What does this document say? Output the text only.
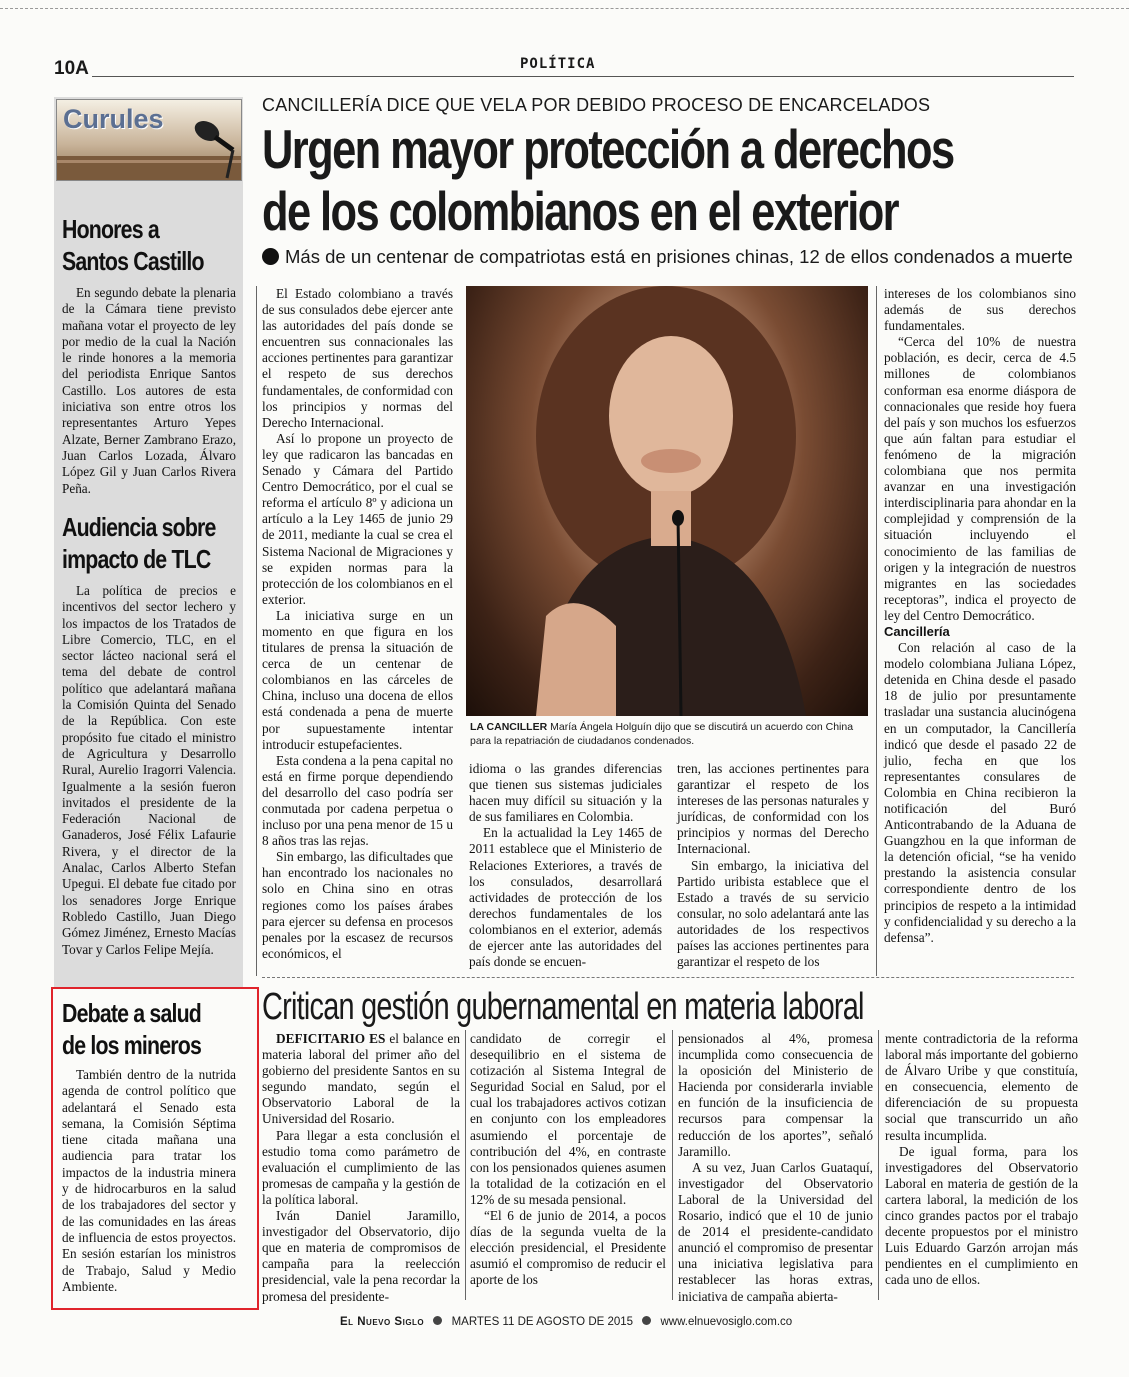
10A	POLÍTICA
Curules
Honores a
Santos Castillo

En segundo debate la plenaria de la Cámara tiene previsto mañana votar el proyecto de ley por medio de la cual la Nación le rinde honores a la memoria del periodista Enrique Santos Castillo. Los autores de esta iniciativa son entre otros los representantes Arturo Yepes Alzate, Berner Zambrano Erazo, Juan Carlos Lozada, Álvaro López Gil y Juan Carlos Rivera Peña.

Audiencia sobre
impacto de TLC

La política de precios e incentivos del sector lechero y los impactos de los Tratados de Libre Comercio, TLC, en el sector lácteo nacional será el tema del debate de control político que adelantará mañana la Comisión Quinta del Senado de la República. Con este propósito fue citado el ministro de Agricultura y Desarrollo Rural, Aurelio Iragorri Valencia. Igualmente a la sesión fueron invitados el presidente de la Federación Nacional de Ganaderos, José Félix Lafaurie Rivera, y el director de la Analac, Carlos Alberto Stefan Upegui. El debate fue citado por los senadores Jorge Enrique Robledo Castillo, Juan Diego Gómez Jiménez, Ernesto Macías Tovar y Carlos Felipe Mejía.

Debate a salud
de los mineros

También dentro de la nutrida agenda de control político que adelantará el Senado esta semana, la Comisión Séptima tiene citada mañana una audiencia para tratar los impactos de la industria minera y de hidrocarburos en la salud de los trabajadores del sector y de las comunidades en las áreas de influencia de estos proyectos. En sesión estarían los ministros de Trabajo, Salud y Medio Ambiente.

CANCILLERÍA DICE QUE VELA POR DEBIDO PROCESO DE ENCARCELADOS
Urgen mayor protección a derechos
de los colombianos en el exterior
Más de un centenar de compatriotas está en prisiones chinas, 12 de ellos condenados a muerte

El Estado colombiano a través de sus consulados debe ejercer ante las autoridades del país donde se encuentren sus connacionales las acciones pertinentes para garantizar el respeto de sus derechos fundamentales, de conformidad con los principios y normas del Derecho Internacional.

Así lo propone un proyecto de ley que radicaron las bancadas en Senado y Cámara del Partido Centro Democrático, por el cual se reforma el artículo 8º y adiciona un artículo a la Ley 1465 de junio 29 de 2011, mediante la cual se crea el Sistema Nacional de Migraciones y se expiden normas para la protección de los colombianos en el exterior.

La iniciativa surge en un momento en que figura en los titulares de prensa la situación de cerca de un centenar de colombianos en las cárceles de China, incluso una docena de ellos está condenada a pena de muerte por supuestamente intentar introducir estupefacientes.

Esta condena a la pena capital no está en firme porque dependiendo del desarrollo del caso podría ser conmutada por cadena perpetua o incluso por una pena menor de 15 u 8 años tras las rejas.

Sin embargo, las dificultades que han encontrado los nacionales no solo en China sino en otras regiones como los países árabes para ejercer su defensa en procesos penales por la escasez de recursos económicos, el

LA CANCILLER María Ángela Holguín dijo que se discutirá un acuerdo con China para la repatriación de ciudadanos condenados.

idioma o las grandes diferencias que tienen sus sistemas judiciales hacen muy difícil su situación y la de sus familiares en Colombia.

En la actualidad la Ley 1465 de 2011 establece que el Ministerio de Relaciones Exteriores, a través de los consulados, desarrollará actividades de protección de los derechos fundamentales de los colombianos en el exterior, además de ejercer ante las autoridades del país donde se encuen-

tren, las acciones pertinentes para garantizar el respeto de los intereses de las personas naturales y jurídicas, de conformidad con los principios y normas del Derecho Internacional.

Sin embargo, la iniciativa del Partido uribista establece que el Estado a través de su servicio consular, no solo adelantará ante las autoridades de los respectivos países las acciones pertinentes para garantizar el respeto de los

intereses de los colombianos sino además de sus derechos fundamentales.

“Cerca del 10% de nuestra población, es decir, cerca de 4.5 millones de colombianos conforman esa enorme diáspora de connacionales que reside hoy fuera del país y son muchos los esfuerzos que aún faltan para estudiar el fenómeno de la migración colombiana que nos permita avanzar en una investigación interdisciplinaria para ahondar en la complejidad y comprensión de la situación incluyendo el conocimiento de las familias de origen y la integración de nuestros migrantes en las sociedades receptoras”, indica el proyecto de ley del Centro Democrático.

Cancillería

Con relación al caso de la modelo colombiana Juliana López, detenida en China desde el pasado 18 de julio por presuntamente trasladar una sustancia alucinógena en un computador, la Cancillería indicó que desde el pasado 22 de julio, fecha en que los representantes consulares de Colombia en China recibieron la notificación del Buró Anticontrabando de la Aduana de Guangzhou en la que informan de la detención oficial, “se ha venido prestando la asistencia consular correspondiente dentro de los principios de respeto a la intimidad y confidencialidad y su derecho a la defensa”.

Critican gestión gubernamental en materia laboral

DEFICITARIO ES el balance en materia laboral del primer año del gobierno del presidente Santos en su segundo mandato, según el Observatorio Laboral de la Universidad del Rosario.

Para llegar a esta conclusión el estudio toma como parámetro de evaluación el cumplimiento de las promesas de campaña y la gestión de la política laboral.

Iván Daniel Jaramillo, investigador del Observatorio, dijo que en materia de compromisos de campaña para la reelección presidencial, vale la pena recordar la promesa del presidente-

candidato de corregir el desequilibrio en el sistema de cotización al Sistema Integral de Seguridad Social en Salud, por el cual los trabajadores activos cotizan en conjunto con los empleadores asumiendo el porcentaje de contribución del 4%, en contraste con los pensionados quienes asumen la totalidad de la cotización en el 12% de su mesada pensional.

“El 6 de junio de 2014, a pocos días de la segunda vuelta de la elección presidencial, el Presidente asumió el compromiso de reducir el aporte de los

pensionados al 4%, promesa incumplida como consecuencia de la oposición del Ministerio de Hacienda por considerarla inviable en función de la insuficiencia de recursos para compensar la reducción de los aportes”, señaló Jaramillo.

A su vez, Juan Carlos Guataquí, investigador del Observatorio Laboral de la Universidad del Rosario, indicó que el 10 de junio de 2014 el presidente-candidato anunció el compromiso de presentar una iniciativa legislativa para restablecer las horas extras, iniciativa de campaña abierta-

mente contradictoria de la reforma laboral más importante del gobierno de Álvaro Uribe y que constituía, en consecuencia, elemento de diferenciación de su propuesta social que transcurrido un año resulta incumplida.

De igual forma, para los investigadores del Observatorio Laboral en materia de gestión de la cartera laboral, la medición de los cinco grandes pactos por el trabajo decente propuestos por el ministro Luis Eduardo Garzón arrojan más pendientes en el cumplimiento en cada uno de ellos.

El Nuevo Siglo MARTES 11 DE AGOSTO DE 2015 www.elnuevosiglo.com.co
